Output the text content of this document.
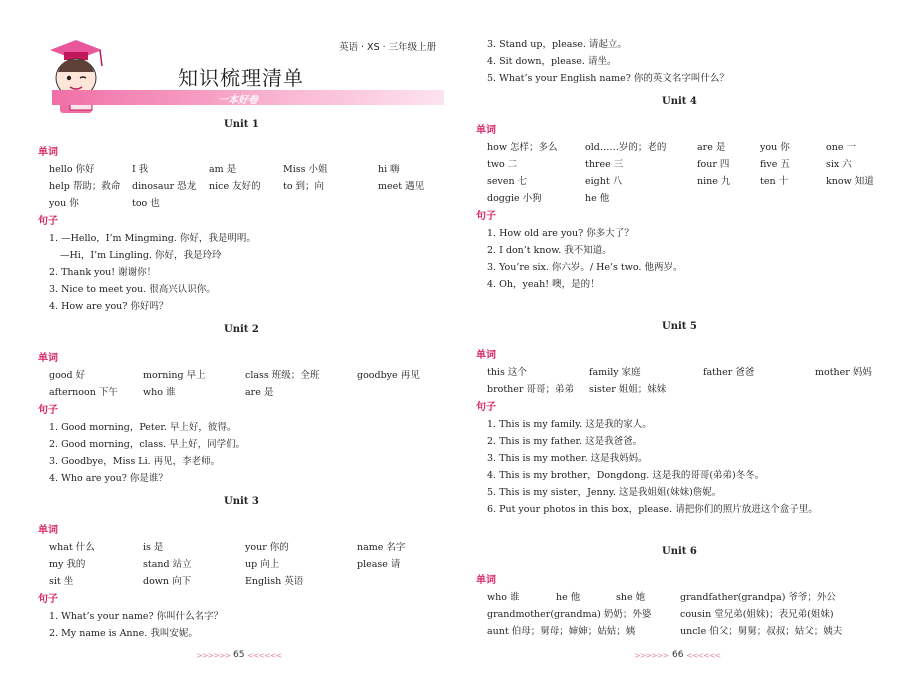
英语 · XS · 三年级上册
知识梳理清单
一本好卷
Unit 1
单词
hello 你好	I 我	am 是	Miss 小姐	hi 嗨
help 帮助；救命 dinosaur 恐龙 nice 友好的 to 到；向	meet 遇见
you 你	too 也
句子
1. —Hello，I’m Mingming. 你好，我是明明。
—Hi，I’m Lingling. 你好，我是玲玲
2. Thank you! 谢谢你！
3. Nice to meet you. 很高兴认识你。
4. How are you? 你好吗？
Unit 2
单词
good 好	morning 早上	class 班级；全班	goodbye 再见
afternoon 下午	who 谁	are 是
句子
1. Good morning，Peter. 早上好，彼得。
2. Good morning，class. 早上好，同学们。
3. Goodbye，Miss Li. 再见，李老师。
4. Who are you? 你是谁？
Unit 3
单词
what 什么	is 是	your 你的	name 名字
my 我的	stand 站立	up 向上	please 请
sit 坐	down 向下	English 英语
句子
1. What’s your name? 你叫什么名字？
2. My name is Anne. 我叫安妮。
>>>>>> 65 <<<<<<
3. Stand up，please. 请起立。
4. Sit down，please. 请坐。
5. What’s your English name? 你的英文名字叫什么？
Unit 4
单词
how 怎样；多么	old……岁的；老的	are 是	you 你	one 一
two 二	three 三	four 四	five 五	six 六
seven 七	eight 八	nine 九	ten 十	know 知道
doggie 小狗	he 他
句子
1. How old are you? 你多大了？
2. I don’t know. 我不知道。
3. You’re six. 你六岁。/ He’s two. 他两岁。
4. Oh，yeah! 噢，是的！
Unit 5
单词
this 这个	family 家庭	father 爸爸	mother 妈妈
brother 哥哥；弟弟 sister 姐姐；妹妹
句子
1. This is my family. 这是我的家人。
2. This is my father. 这是我爸爸。
3. This is my mother. 这是我妈妈。
4. This is my brother，Dongdong. 这是我的哥哥(弟弟)冬冬。
5. This is my sister，Jenny. 这是我姐姐(妹妹)詹妮。
6. Put your photos in this box，please. 请把你们的照片放进这个盒子里。
Unit 6
单词
who 谁	he 他	she 她	grandfather(grandpa) 爷爷；外公
grandmother(grandma) 奶奶；外婆	cousin 堂兄弟(姐妹)；表兄弟(姐妹)
aunt 伯母；舅母；婶婶；姑姑；姨	uncle 伯父；舅舅；叔叔；姑父；姨夫
>>>>>> 66 <<<<<<
